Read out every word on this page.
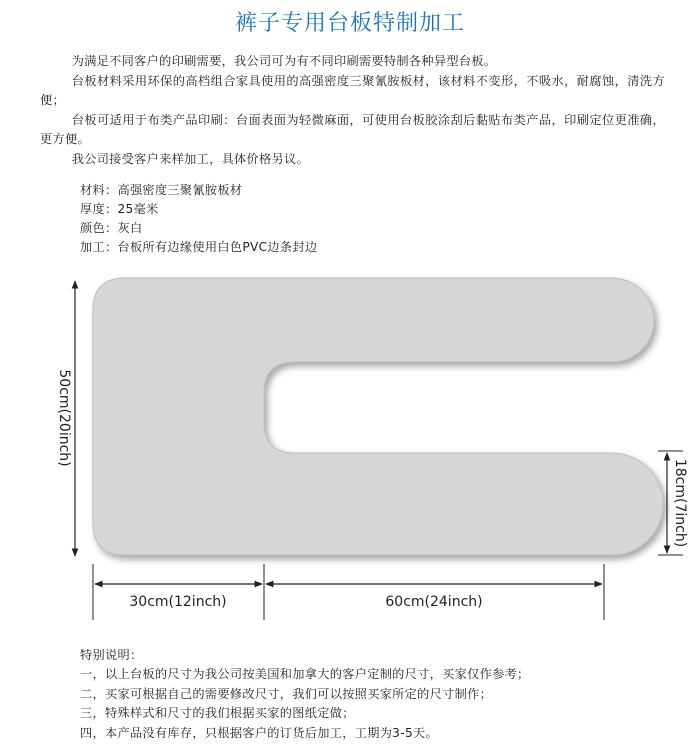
裤子专用台板特制加工

为满足不同客户的印刷需要，我公司可为有不同印刷需要特制各种异型台板。

台板材料采用环保的高档组合家具使用的高强密度三聚氰胺板材，该材料不变形，不吸水，耐腐蚀，清洗方便；

台板可适用于布类产品印刷：台面表面为轻微麻面，可使用台板胶涂刮后黏贴布类产品，印刷定位更准确，更方便。

我公司接受客户来样加工，具体价格另议。

材料：高强密度三聚氰胺板材
厚度：25毫米
颜色：灰白
加工：台板所有边缘使用白色PVC边条封边
50cm(20inch)
18cm(7inch)
30cm(12inch)	60cm(24inch)
特别说明：
一，以上台板的尺寸为我公司按美国和加拿大的客户定制的尺寸，买家仅作参考；
二，买家可根据自己的需要修改尺寸，我们可以按照买家所定的尺寸制作；
三，特殊样式和尺寸的我们根据买家的图纸定做；
四，本产品没有库存，只根据客户的订货后加工，工期为3-5天。
